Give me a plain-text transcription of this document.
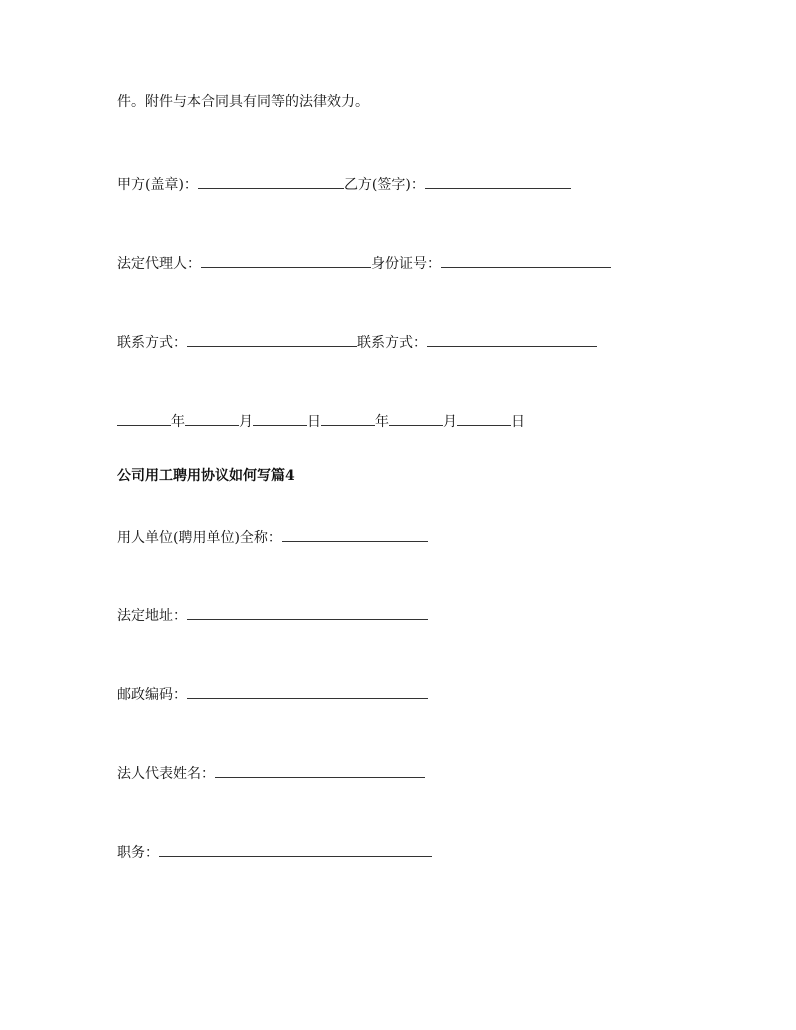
件。附件与本合同具有同等的法律效力。
甲方(盖章)：	乙方(签字)：
法定代理人：	身份证号：
联系方式：	联系方式：
年	月	日	年	月	日
公司用工聘用协议如何写篇4
用人单位(聘用单位)全称：
法定地址：
邮政编码：
法人代表姓名：
职务：
